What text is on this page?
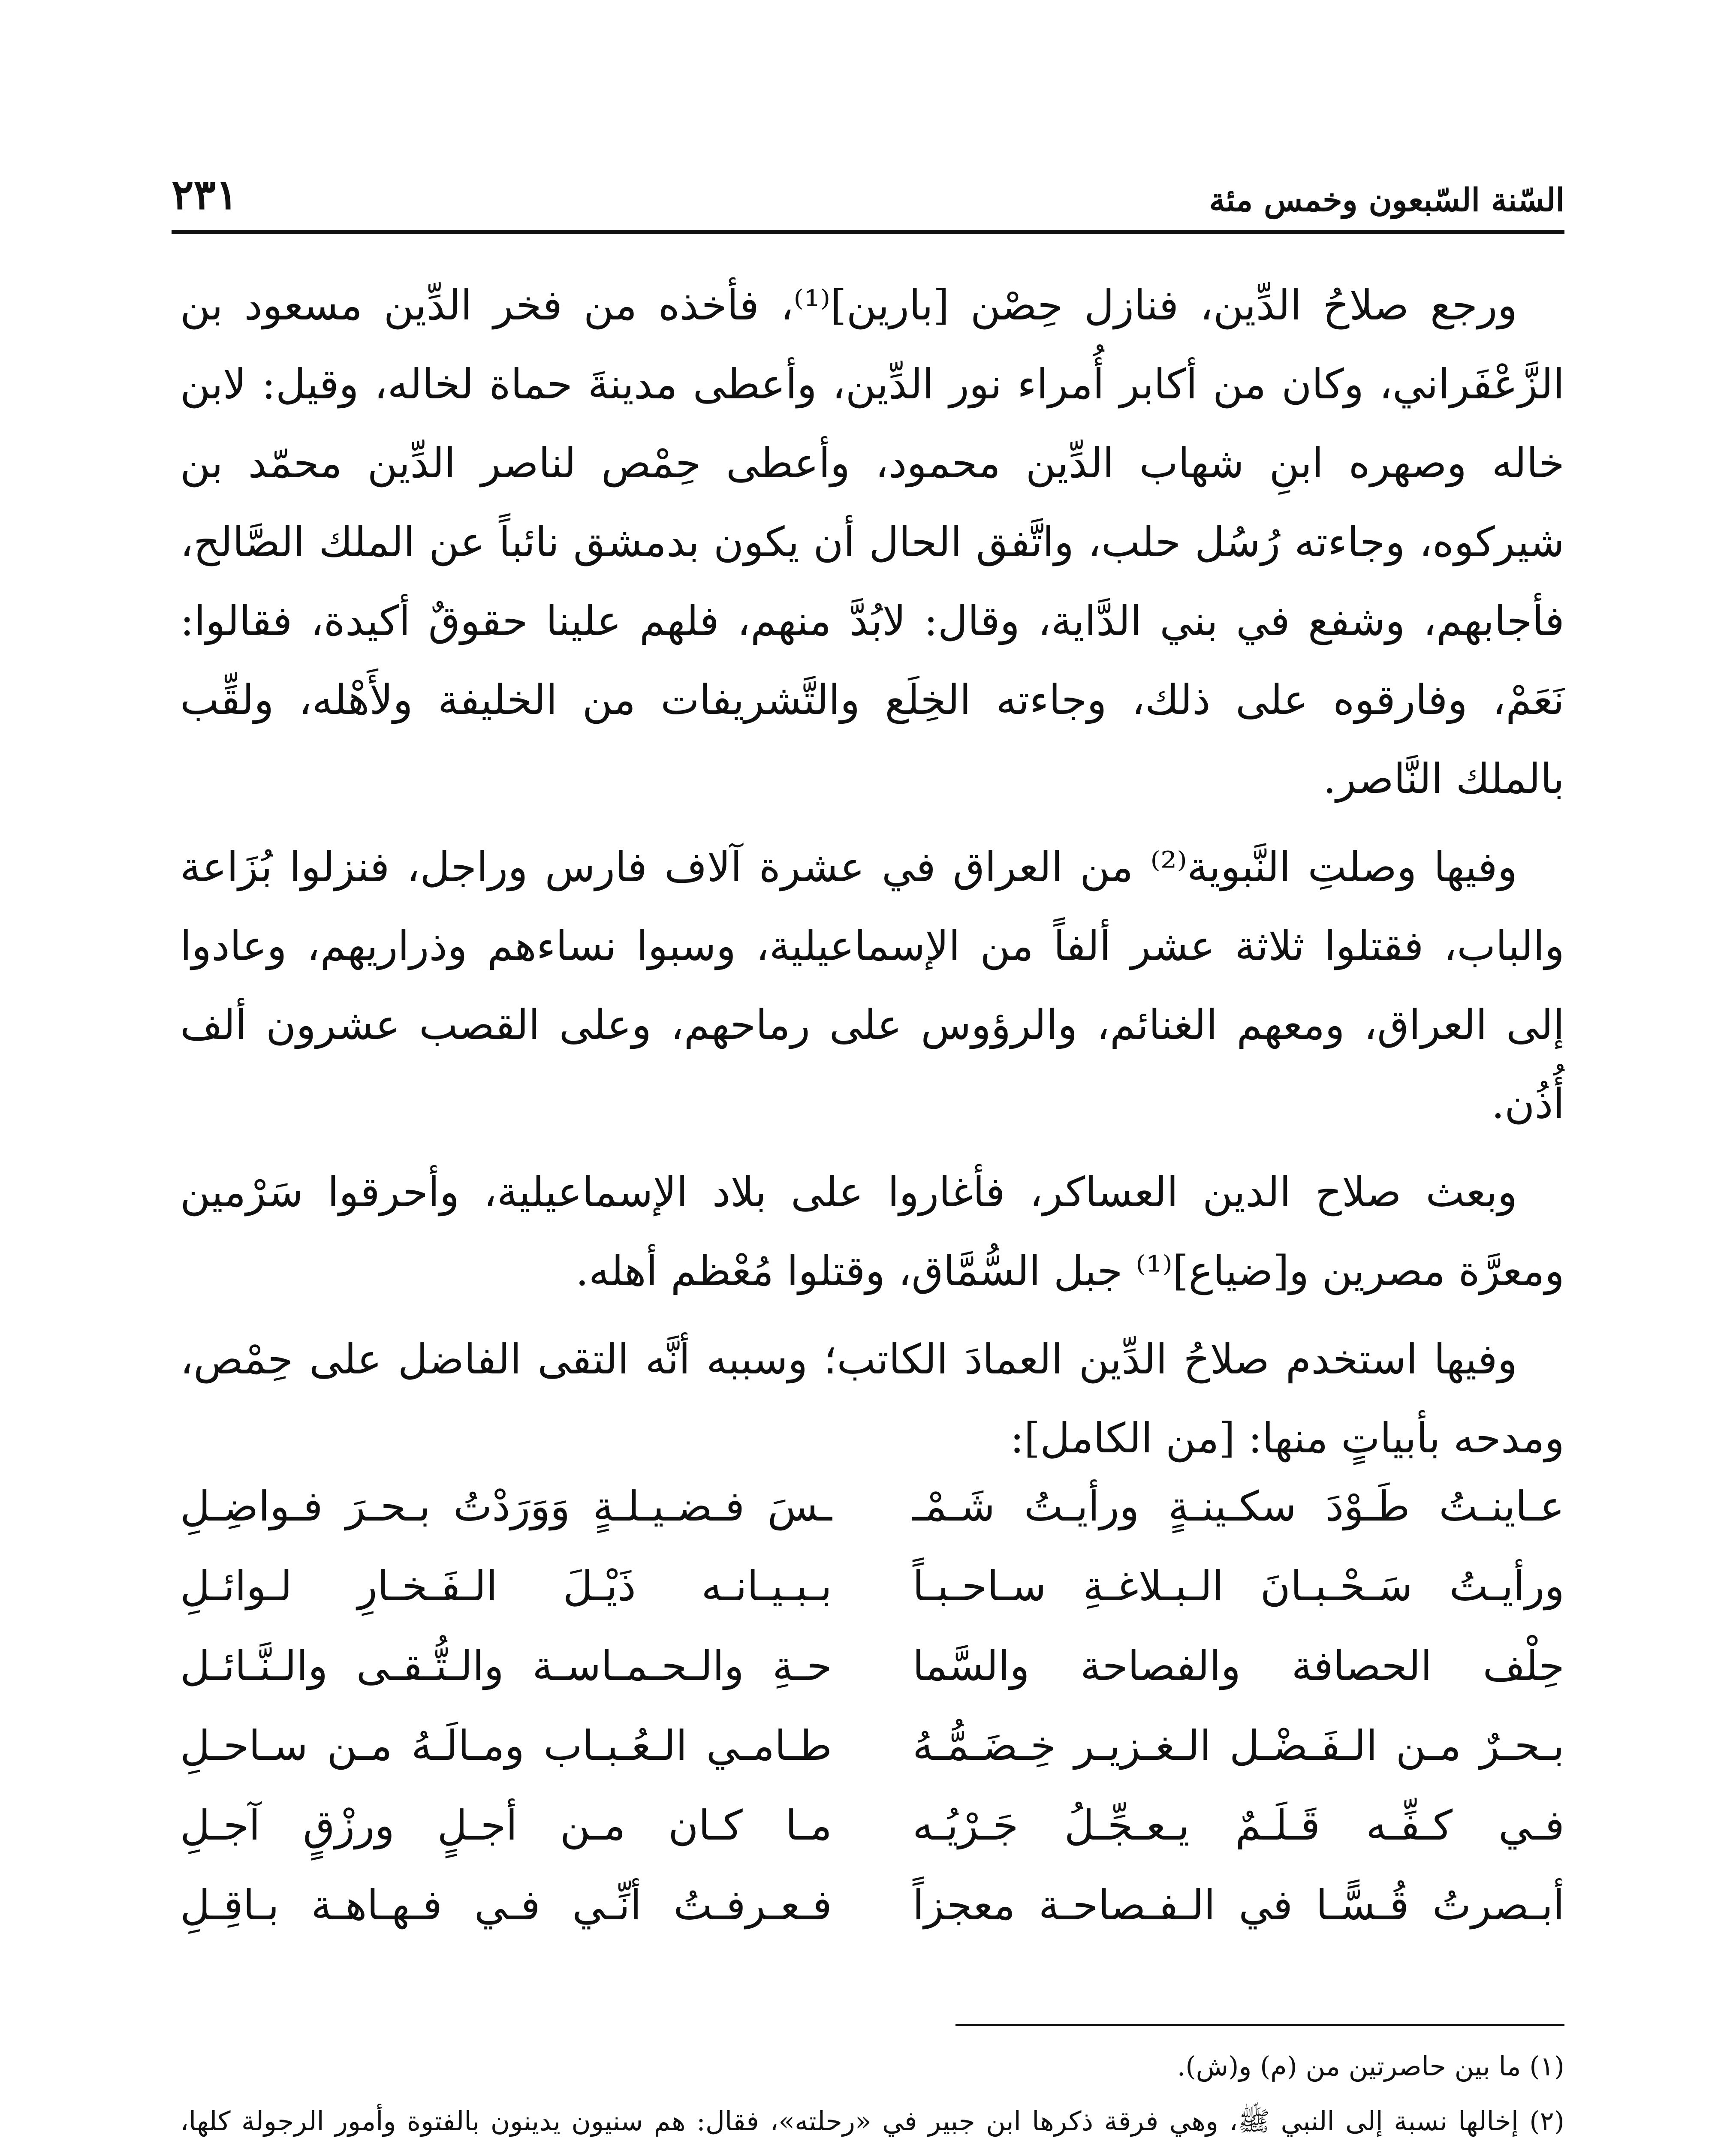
السّنة السّبعون وخمس مئة
٢٣١

ورجع صلاحُ الدِّين، فنازل حِصْن [بارين]⁽¹⁾، فأخذه من فخر الدِّين مسعود بن الزَّعْفَراني، وكان من أكابر أُمراء نور الدِّين، وأعطى مدينةَ حماة لخاله، وقيل: لابن خاله وصهره ابنِ شهاب الدِّين محمود، وأعطى حِمْص لناصر الدِّين محمّد بن شيركوه، وجاءته رُسُل حلب، واتَّفق الحال أن يكون بدمشق نائباً عن الملك الصَّالح، فأجابهم، وشفع في بني الدَّاية، وقال: لابُدَّ منهم، فلهم علينا حقوقٌ أكيدة، فقالوا: نَعَمْ، وفارقوه على ذلك، وجاءته الخِلَع والتَّشريفات من الخليفة ولأَهْله، ولقِّب بالملك النَّاصر.

وفيها وصلتِ النَّبوية⁽²⁾ من العراق في عشرة آلاف فارس وراجل، فنزلوا بُزَاعة والباب، فقتلوا ثلاثة عشر ألفاً من الإسماعيلية، وسبوا نساءهم وذراريهم، وعادوا إلى العراق، ومعهم الغنائم، والرؤوس على رماحهم، وعلى القصب عشرون ألف أُذُن.

وبعث صلاح الدين العساكر، فأغاروا على بلاد الإسماعيلية، وأحرقوا سَرْمين ومعرَّة مصرين و[ضياع]⁽¹⁾ جبل السُّمَّاق، وقتلوا مُعْظم أهله.

وفيها استخدم صلاحُ الدِّين العمادَ الكاتب؛ وسببه أنَّه التقى الفاضل على حِمْص، ومدحه بأبياتٍ منها: [من الكامل]:

عـاينـتُ طَـوْدَ سكـينـةٍ ورأيـتُ شَـمْـ
ـسَ فـضـيـلـةٍ وَوَرَدْتُ بـحـرَ فـواضِـلِ
ورأيـتُ سَـحْـبـانَ الـبـلاغـةِ سـاحـبـاً
بـبـيـانـه ذَيْـلَ الـفَـخـارِ لـوائـلِ
حِلْف الحصافة والفصاحة والسَّما
حـةِ والـحـمـاسـة والـتُّـقـى والـنَّـائـل
بـحـرٌ مـن الـفَـضْـل الـغـزيـر خِـضَـمُّـهُ
طـامـي الـعُـبـاب ومـالَـهُ مـن سـاحـلِ
فـي كـفِّـه قَـلَـمٌ يـعـجِّـلُ جَـرْيُـه
مـا كـان مـن أجـلٍ ورزْقٍ آجـلِ
أبـصرتُ قُـسًّـا في الـفـصاحـة معجزاً
فـعـرفـتُ أنِّـي فـي فـهـاهـة بـاقِـلِ

(١) ما بين حاصرتين من (م) و(ش).

(٢) إخالها نسبة إلى النبي ﷺ، وهي فرقة ذكرها ابن جبير في «رحلته»، فقال: هم سنيون يدينون بالفتوة وأمور الرجولة كلها،
